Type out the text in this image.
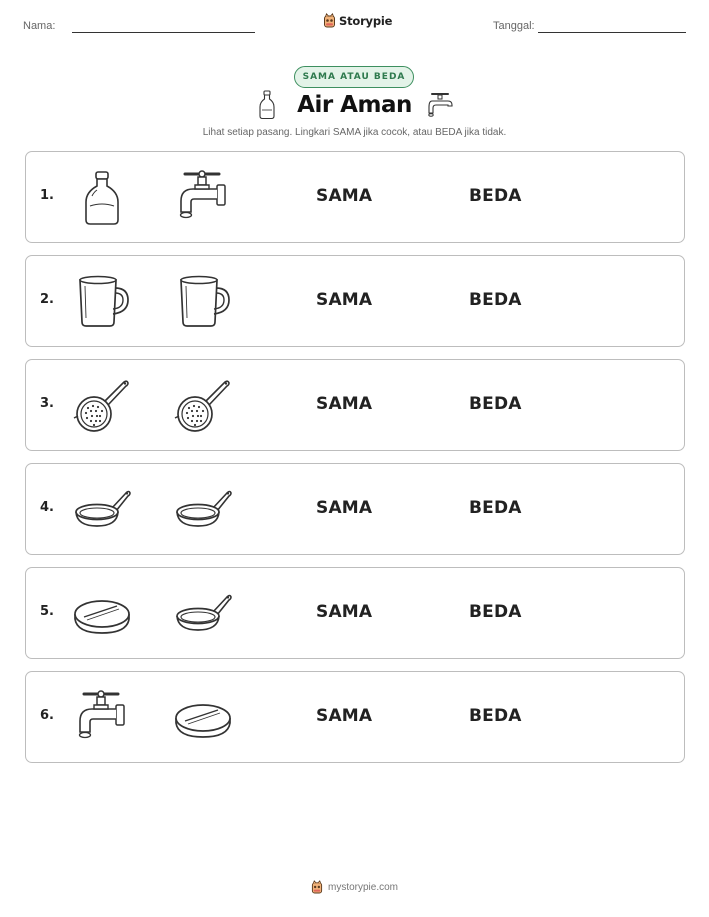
Nama:	Storypie	Tanggal:
SAMA ATAU BEDA
Air Aman
Lihat setiap pasang. Lingkari SAMA jika cocok, atau BEDA jika tidak.
1.	SAMA	BEDA
2.	SAMA	BEDA
3.	SAMA	BEDA
4.	SAMA	BEDA
5.	SAMA	BEDA
6.	SAMA	BEDA
mystorypie.com
